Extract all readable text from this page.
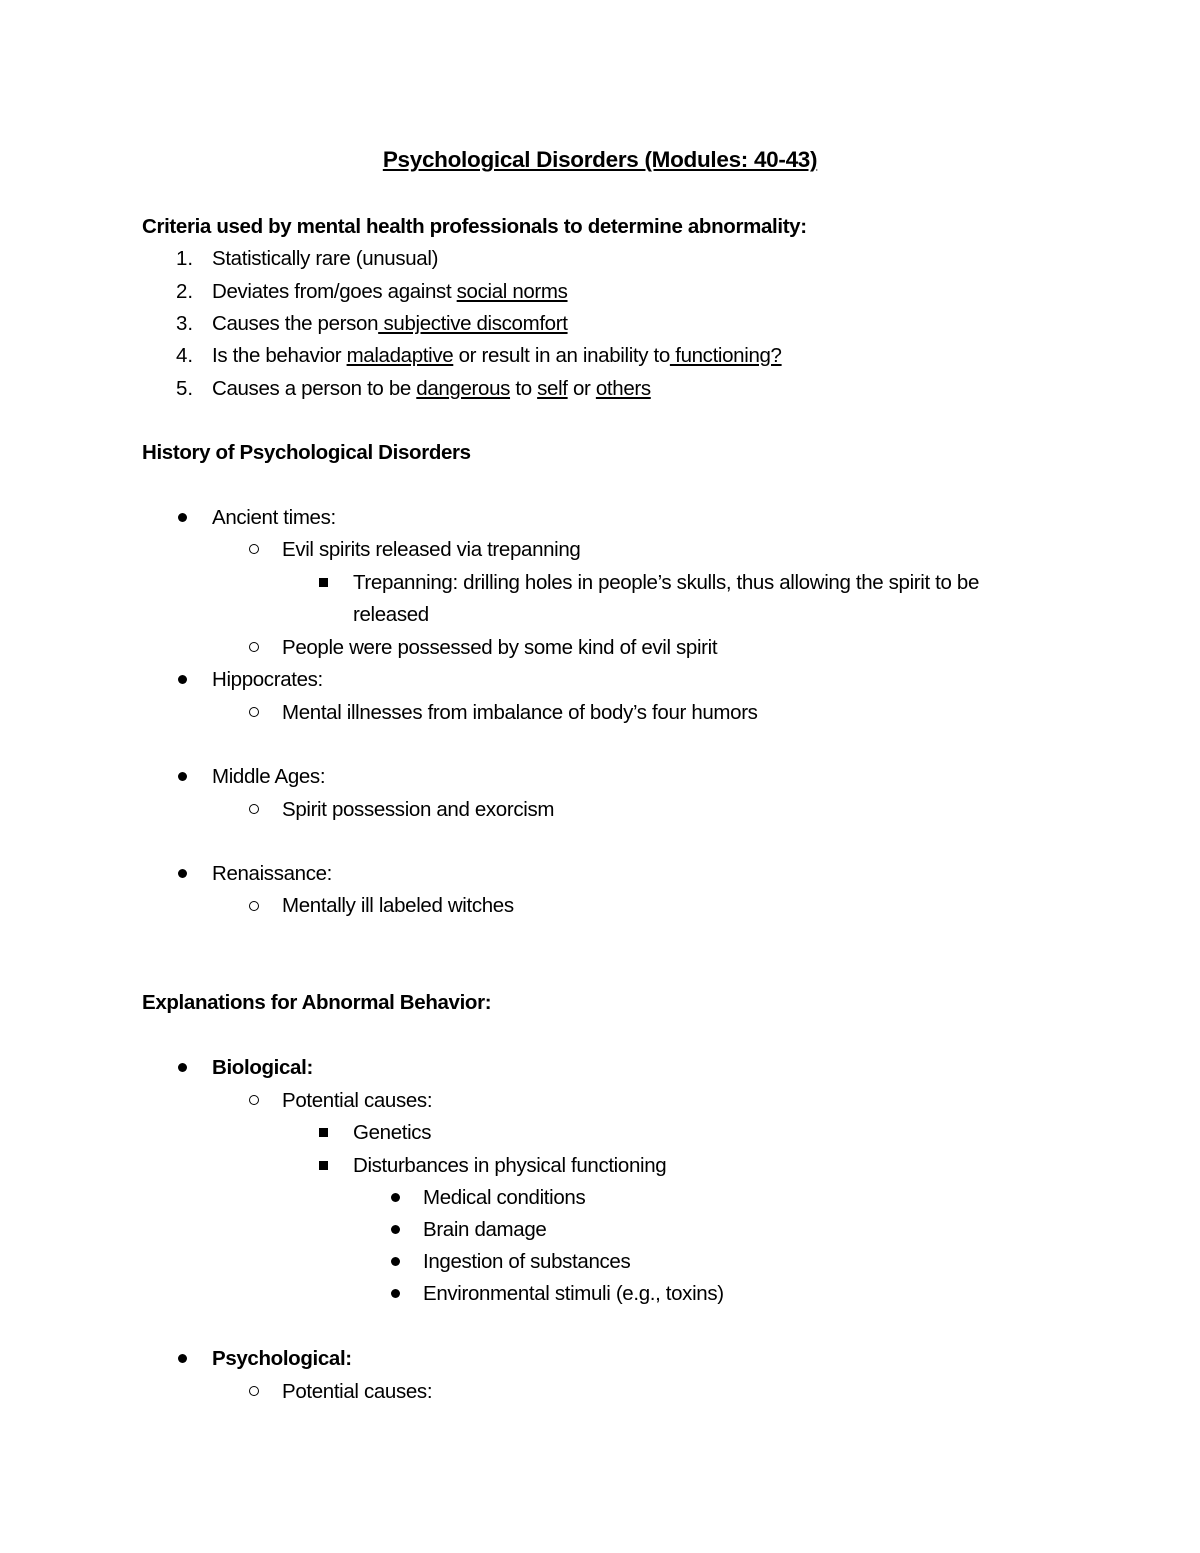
Psychological Disorders (Modules: 40-43)
Criteria used by mental health professionals to determine abnormality:
1. Statistically rare (unusual)
2. Deviates from/goes against social norms
3. Causes the person subjective discomfort
4. Is the behavior maladaptive or result in an inability to functioning?
5. Causes a person to be dangerous to self or others
History of Psychological Disorders
Ancient times:
Evil spirits released via trepanning
Trepanning: drilling holes in people’s skulls, thus allowing the spirit to be
released
People were possessed by some kind of evil spirit
Hippocrates:
Mental illnesses from imbalance of body’s four humors
Middle Ages:
Spirit possession and exorcism
Renaissance:
Mentally ill labeled witches
Explanations for Abnormal Behavior:
Biological:
Potential causes:
Genetics
Disturbances in physical functioning
Medical conditions
Brain damage
Ingestion of substances
Environmental stimuli (e.g., toxins)
Psychological:
Potential causes:
